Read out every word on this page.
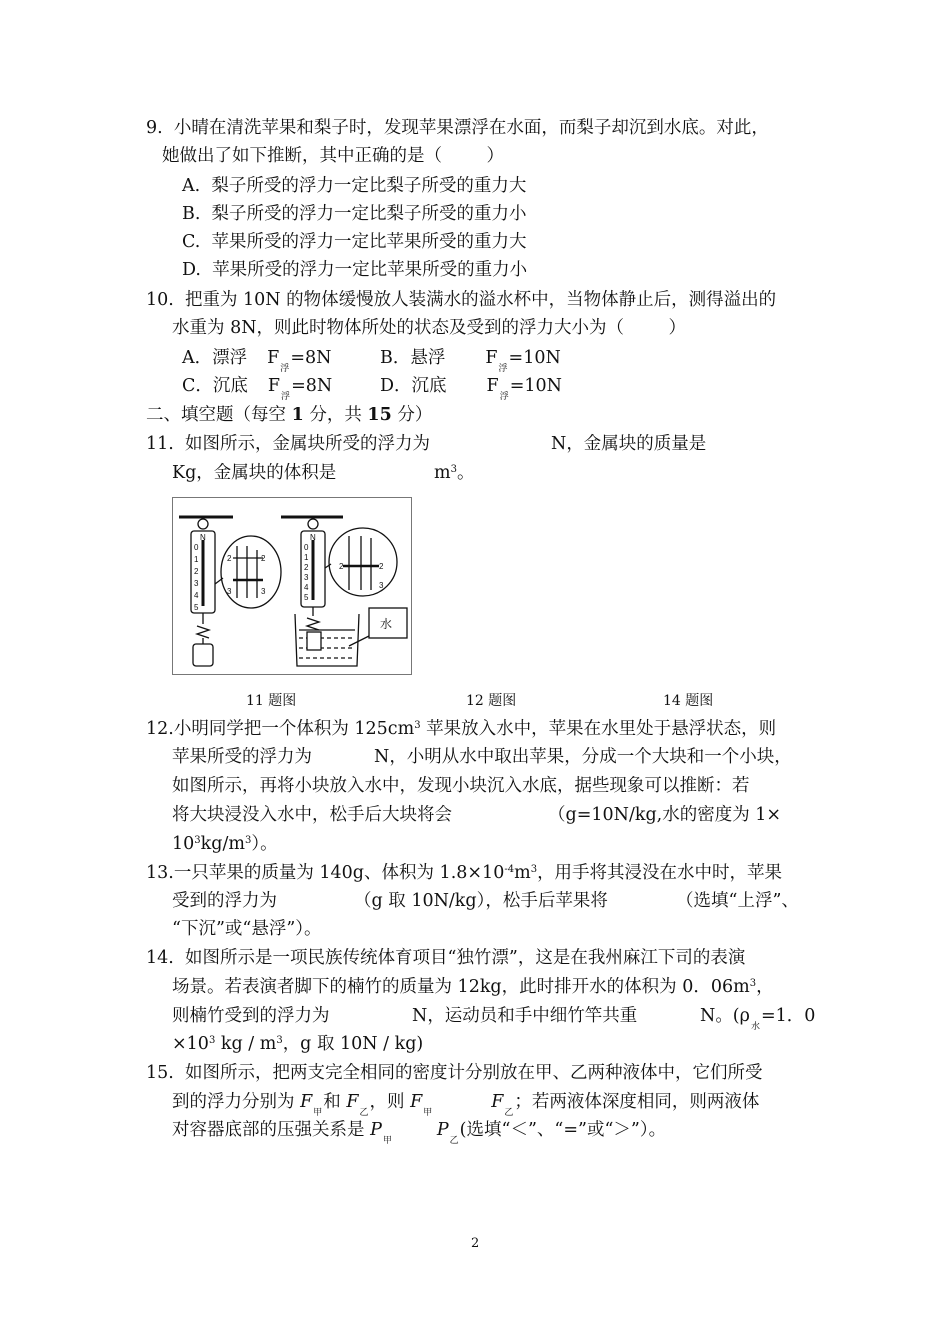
9.  小晴在清洗苹果和梨子时，发现苹果漂浮在水面，而梨子却沉到水底。对此，
她做出了如下推断，其中正确的是（        ）
A.  梨子所受的浮力一定比梨子所受的重力大
B.  梨子所受的浮力一定比梨子所受的重力小
C.  苹果所受的浮力一定比苹果所受的重力大
D.  苹果所受的浮力一定比苹果所受的重力小
10.  把重为 10N 的物体缓慢放人装满水的溢水杯中，当物体静止后，测得溢出的
水重为 8N，则此时物体所处的状态及受到的浮力大小为（        ）
A．漂浮 $F_浮=8N$	B．悬浮 $F_浮=10N$
C．沉底 $F_浮=8N$	D．沉底 $F_浮=10N$
二、填空题（每空 1 分，共 15 分）
11.  如图所示，金属块所受的浮力为	N，金属块的质量是
Kg，金属块的体积是	$m^3$。
N
0
1
2
3
4
5
N
0
1
2
3
4
5
2	2
3	3
2	2
3
水
11 题图	12 题图	14 题图
12.小明同学把一个体积为 $125cm^3$ 苹果放入水中，苹果在水里处于悬浮状态，则
苹果所受的浮力为	N，小明从水中取出苹果，分成一个大块和一个小块，
如图所示，再将小块放入水中，发现小块沉入水底，据些现象可以推断：若
将大块浸没入水中，松手后大块将会	（g=10N/kg,水的密度为 1×
$10^3kg/m^3$）。
13.一只苹果的质量为 140g、体积为 $1.8\times 10^{-4}m^3$，用手将其浸没在水中时，苹果
受到的浮力为	（g 取 10N/kg），松手后苹果将	（选填“上浮”、
“下沉”或“悬浮”）。
14.  如图所示是一项民族传统体育项目“独竹漂”，这是在我州麻江下司的表演
场景。若表演者脚下的楠竹的质量为 12kg，此时排开水的体积为 0．$06m^3$，
则楠竹受到的浮力为	N，运动员和手中细竹竿共重	N。($\rho_水=1$．0
$\times 10^3$ kg / $m^3$，g 取 10N / kg)
15.  如图所示，把两支完全相同的密度计分别放在甲、乙两种液体中，它们所受
到的浮力分别为 $F_甲$和 $F_乙$，则 $F_甲F_乙$；若两液体深度相同，则两液体
对容器底部的压强关系是 $P_甲P_乙$(选填“＜”、“=”或“＞”）。
2
